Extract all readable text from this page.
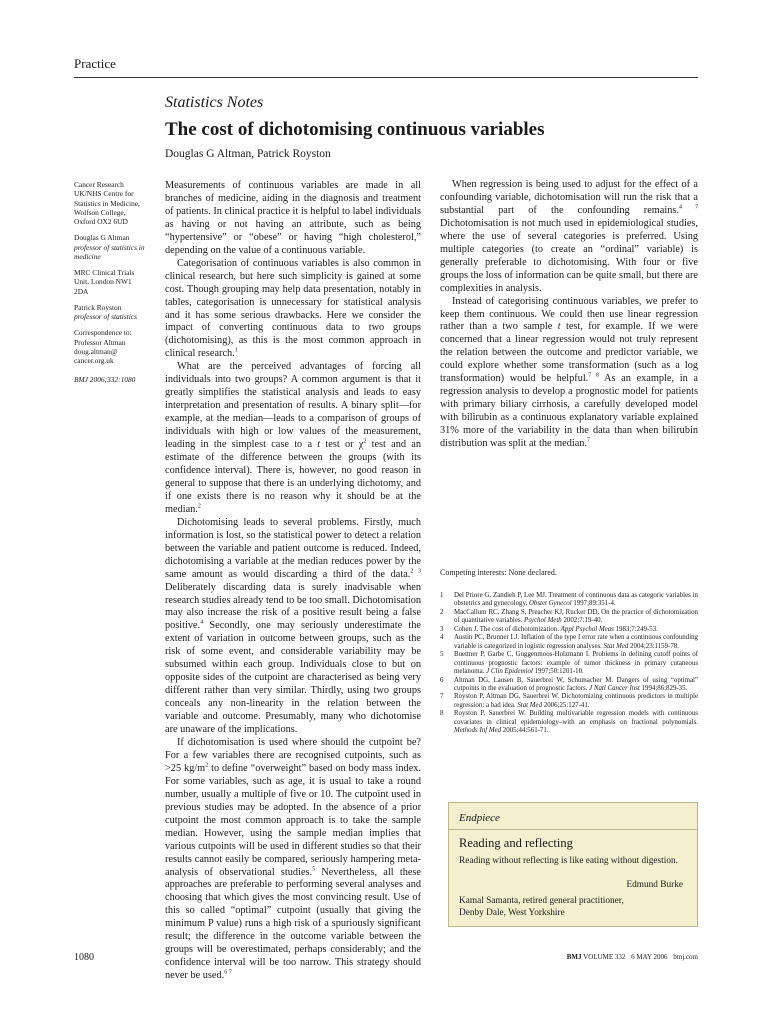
Practice
Statistics Notes
The cost of dichotomising continuous variables
Douglas G Altman, Patrick Royston

Cancer Research UK/NHS Centre for Statistics in Medicine, Wolfson College, Oxford OX2 6UD

Douglas G Altman
professor of statistics in medicine

MRC Clinical Trials Unit, London NW1 2DA

Patrick Royston
professor of statistics

Correspondence to:
Professor Altman
doug.altman@ cancer.org.uk

BMJ 2006;332:1080

Measurements of continuous variables are made in all branches of medicine, aiding in the diagnosis and treatment of patients. In clinical practice it is helpful to label individuals as having or not having an attribute, such as being “hypertensive” or “obese” or having “high cholesterol,” depending on the value of a continuous variable.

Categorisation of continuous variables is also common in clinical research, but here such simplicity is gained at some cost. Though grouping may help data presentation, notably in tables, categorisation is unnecessary for statistical analysis and it has some serious drawbacks. Here we consider the impact of converting continuous data to two groups (dichotomising), as this is the most common approach in clinical research.$^1$

What are the perceived advantages of forcing all individuals into two groups? A common argument is that it greatly simplifies the statistical analysis and leads to easy interpretation and presentation of results. A binary split—for example, at the median—leads to a comparison of groups of individuals with high or low values of the measurement, leading in the simplest case to a t test or $\chi^2$ test and an estimate of the difference between the groups (with its confidence interval). There is, however, no good reason in general to suppose that there is an underlying dichotomy, and if one exists there is no reason why it should be at the median.$^2$

Dichotomising leads to several problems. Firstly, much information is lost, so the statistical power to detect a relation between the variable and patient outcome is reduced. Indeed, dichotomising a variable at the median reduces power by the same amount as would discarding a third of the data.$^{2 3}$ Deliberately discarding data is surely inadvisable when research studies already tend to be too small. Dichotomisation may also increase the risk of a positive result being a false positive.$^4$ Secondly, one may seriously underestimate the extent of variation in outcome between groups, such as the risk of some event, and considerable variability may be subsumed within each group. Individuals close to but on opposite sides of the cutpoint are characterised as being very different rather than very similar. Thirdly, using two groups conceals any non-linearity in the relation between the variable and outcome. Presumably, many who dichotomise are unaware of the implications.

If dichotomisation is used where should the cutpoint be? For a few variables there are recognised cutpoints, such as >25 $kg/m^2$ to define “overweight” based on body mass index. For some variables, such as age, it is usual to take a round number, usually a multiple of five or 10. The cutpoint used in previous studies may be adopted. In the absence of a prior cutpoint the most common approach is to take the sample median. However, using the sample median implies that various cutpoints will be used in different studies so that their results cannot easily be compared, seriously hampering meta-analysis of observational studies.$^5$ Nevertheless, all these approaches are preferable to performing several analyses and choosing that which gives the most convincing result. Use of this so called “optimal” cutpoint (usually that giving the minimum P value) runs a high risk of a spuriously significant result; the difference in the outcome variable between the groups will be overestimated, perhaps considerably; and the confidence interval will be too narrow. This strategy should never be used.$^{6 7}$

When regression is being used to adjust for the effect of a confounding variable, dichotomisation will run the risk that a substantial part of the confounding remains.$^{4 7}$ Dichotomisation is not much used in epidemiological studies, where the use of several categories is preferred. Using multiple categories (to create an “ordinal” variable) is generally preferable to dichotomising. With four or five groups the loss of information can be quite small, but there are complexities in analysis.

Instead of categorising continuous variables, we prefer to keep them continuous. We could then use linear regression rather than a two sample t test, for example. If we were concerned that a linear regression would not truly represent the relation between the outcome and predictor variable, we could explore whether some transformation (such as a log transformation) would be helpful.$^{7 8}$ As an example, in a regression analysis to develop a prognostic model for patients with primary biliary cirrhosis, a carefully developed model with bilirubin as a continuous explanatory variable explained 31% more of the variability in the data than when bilirubin distribution was split at the median.$^7$

Competing interests: None declared.
1 Del Priore G, Zandieh P, Lee MJ. Treatment of continuous data as categoric variables in obstetrics and gynecology. Obstet Gynecol 1997;89:351-4.
2 MacCallum RC, Zhang S, Preacher KJ, Rucker DD. On the practice of dichotomization of quantitative variables. Psychol Meth 2002;7:19-40.
3 Cohen J. The cost of dichotomization. Appl Psychol Meas 1983;7:249-53.
4 Austin PC, Brunner LJ. Inflation of the type I error rate when a continuous confounding variable is categorized in logistic regression analyses. Stat Med 2004;23:1159-78.
5 Buettner P, Garbe C, Guggenmoos-Holzmann I. Problems in defining cutoff points of continuous prognostic factors: example of tumor thickness in primary cutaneous melanoma. J Clin Epidemiol 1997;50:1201-10.
6 Altman DG, Lausen B, Sauerbrei W, Schumacher M. Dangers of using “optimal” cutpoints in the evaluation of prognostic factors. J Natl Cancer Inst 1994;86:829-35.
7 Royston P, Altman DG, Sauerbrei W. Dichotomizing continuous predictors in multiple regression: a bad idea. Stat Med 2006;25:127-41.
8 Royston P, Sauerbrei W. Building multivariable regression models with continuous covariates in clinical epidemiology–with an emphasis on fractional polynomials. Methods Inf Med 2005;44:561-71.
Endpiece
Reading and reflecting
Reading without reflecting is like eating without digestion.
Edmund Burke
Kamal Samanta, retired general practitioner,
Denby Dale, West Yorkshire
1080	BMJ VOLUME 332 6 MAY 2006 bmj.com
